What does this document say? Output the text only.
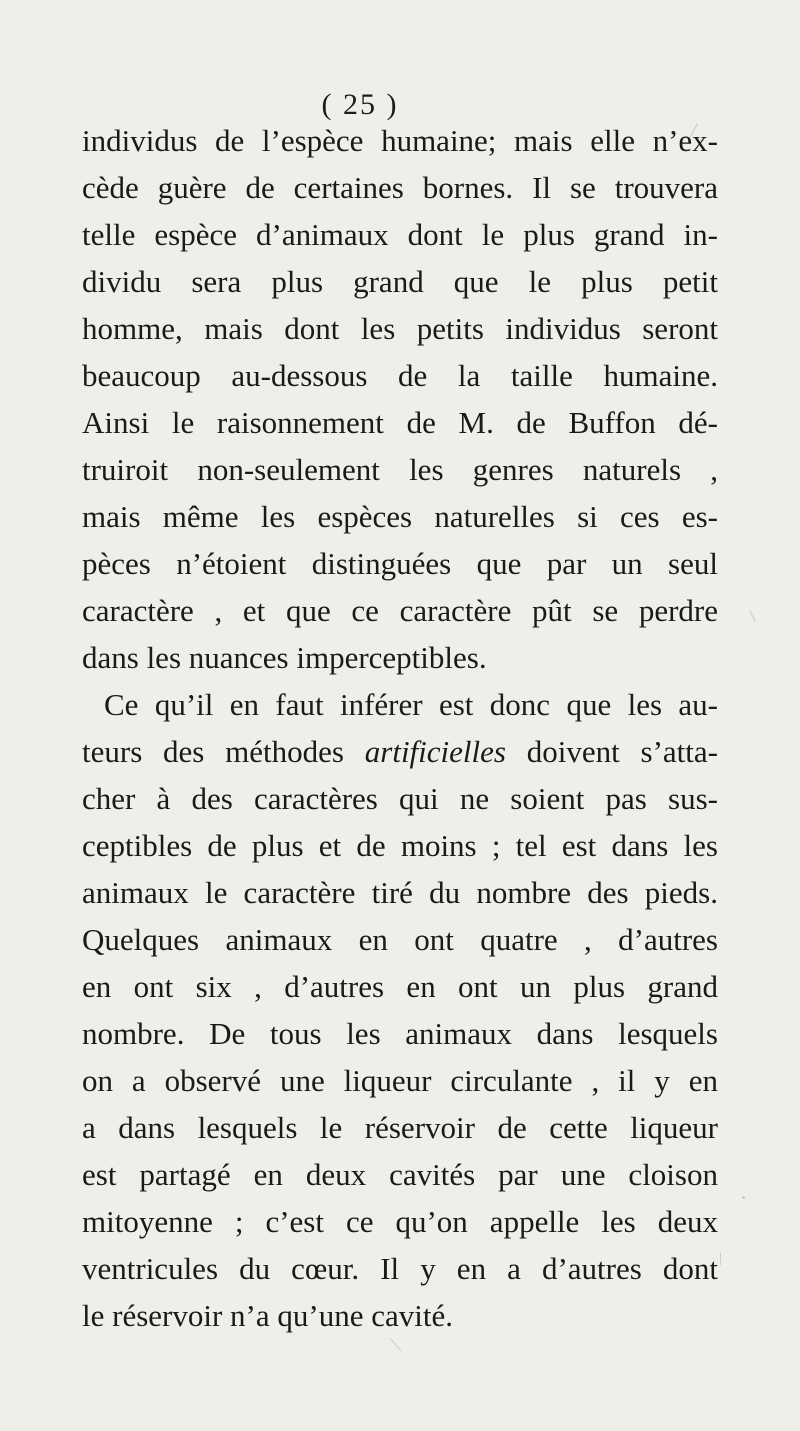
( 25 )
individus de l’espèce humaine; mais elle n’ex-
cède guère de certaines bornes. Il se trouvera
telle espèce d’animaux dont le plus grand in-
dividu sera plus grand que le plus petit
homme, mais dont les petits individus seront
beaucoup au-dessous de la taille humaine.
Ainsi le raisonnement de M. de Buffon dé-
truiroit non-seulement les genres naturels ,
mais même les espèces naturelles si ces es-
pèces n’étoient distinguées que par un seul
caractère , et que ce caractère pût se perdre
dans les nuances imperceptibles.
Ce qu’il en faut inférer est donc que les au-
teurs des méthodes artificielles doivent s’atta-
cher à des caractères qui ne soient pas sus-
ceptibles de plus et de moins ; tel est dans les
animaux le caractère tiré du nombre des pieds.
Quelques animaux en ont quatre , d’autres
en ont six , d’autres en ont un plus grand
nombre. De tous les animaux dans lesquels
on a observé une liqueur circulante , il y en
a dans lesquels le réservoir de cette liqueur
est partagé en deux cavités par une cloison
mitoyenne ; c’est ce qu’on appelle les deux
ventricules du cœur. Il y en a d’autres dont
le réservoir n’a qu’une cavité.
